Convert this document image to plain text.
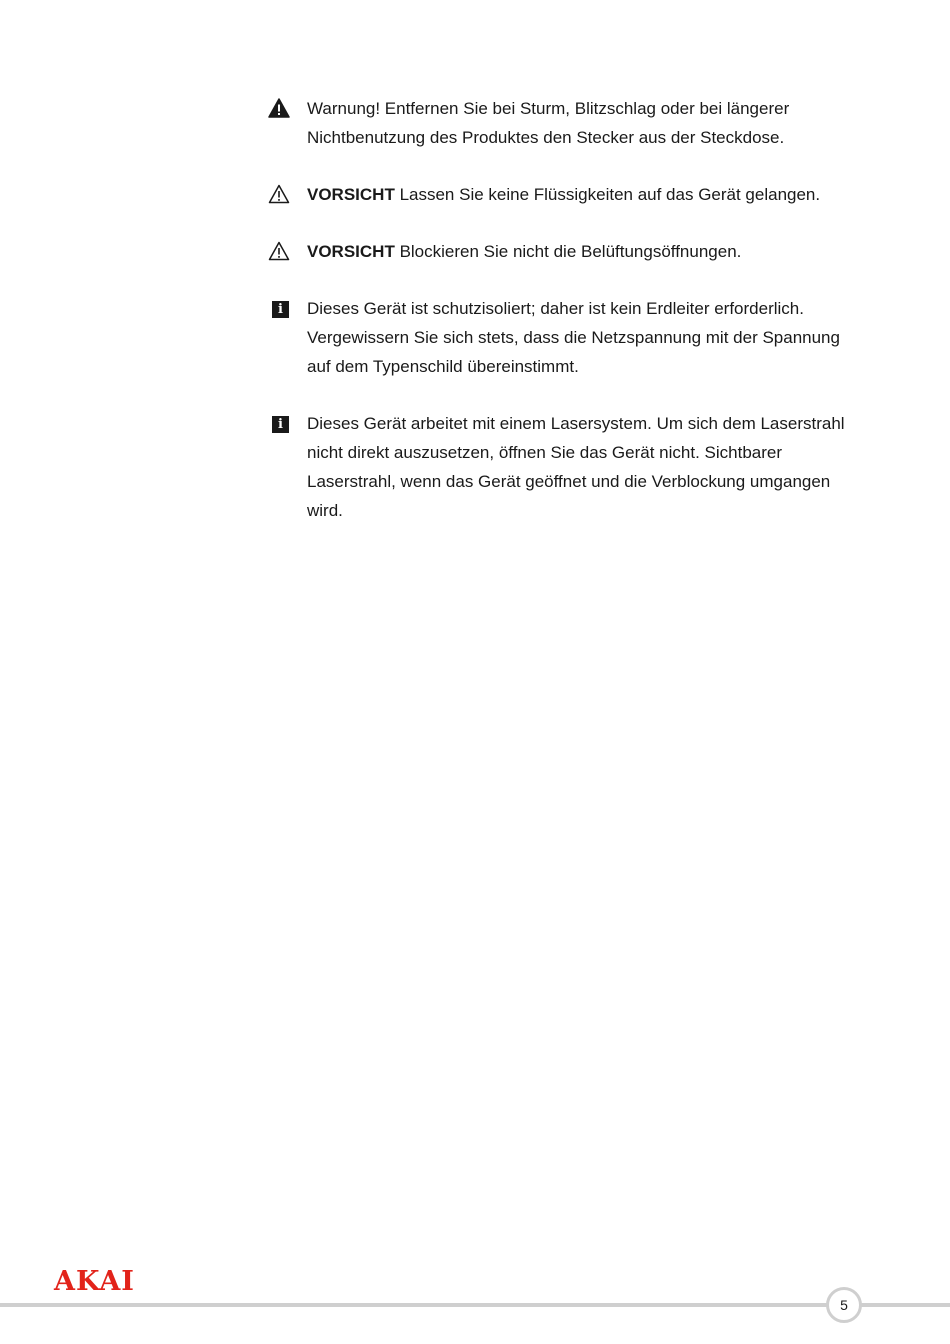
Warnung! Entfernen Sie bei Sturm, Blitzschlag oder bei längerer Nichtbenutzung des Produktes den Stecker aus der Steckdose.
VORSICHT Lassen Sie keine Flüssigkeiten auf das Gerät gelangen.
VORSICHT Blockieren Sie nicht die Belüftungsöffnungen.
i	Dieses Gerät ist schutzisoliert; daher ist kein Erdleiter erforderlich. Vergewissern Sie sich stets, dass die Netzspannung mit der Spannung auf dem Typenschild übereinstimmt.
i	Dieses Gerät arbeitet mit einem Lasersystem. Um sich dem Laserstrahl nicht direkt auszusetzen, öffnen Sie das Gerät nicht. Sichtbarer Laserstrahl, wenn das Gerät geöffnet und die Verblockung umgangen wird.
AKAI
5
